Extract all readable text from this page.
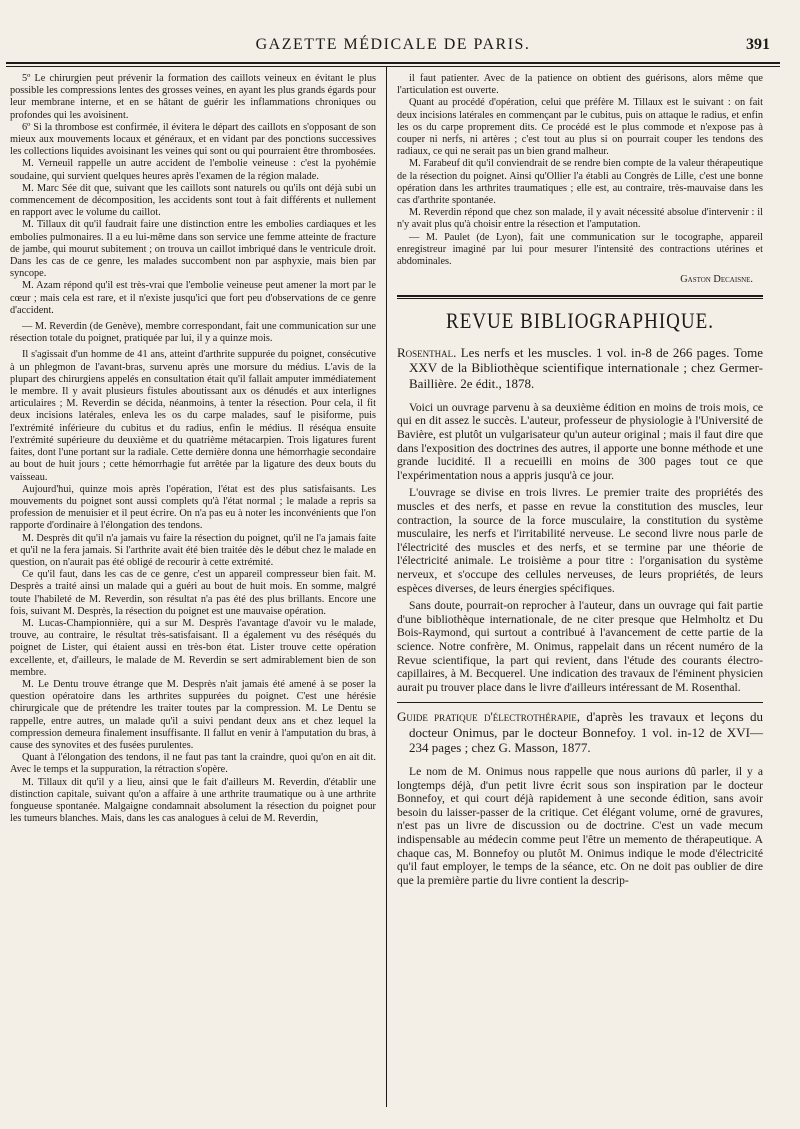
GAZETTE MÉDICALE DE PARIS.	391

5º Le chirurgien peut prévenir la formation des caillots veineux en évitant le plus possible les compressions lentes des grosses veines, en ayant les plus grands égards pour leur membrane interne, et en se hâtant de guérir les inflammations chroniques ou profondes qui les avoisinent.

6º Si la thrombose est confirmée, il évitera le départ des caillots en s'opposant de son mieux aux mouvements locaux et généraux, et en vidant par des ponctions successives les collections liquides avoisinant les veines qui sont ou qui pourraient être thrombosées.

M. Verneuil rappelle un autre accident de l'embolie veineuse : c'est la pyohémie soudaine, qui survient quelques heures après l'examen de la région malade.

M. Marc Sée dit que, suivant que les caillots sont naturels ou qu'ils ont déjà subi un commencement de décomposition, les accidents sont tout à fait différents et nullement en rapport avec le volume du caillot.

M. Tillaux dit qu'il faudrait faire une distinction entre les embolies cardiaques et les embolies pulmonaires. Il a eu lui-même dans son service une femme atteinte de fracture de jambe, qui mourut subitement ; on trouva un caillot imbriqué dans le ventricule droit. Dans les cas de ce genre, les malades succombent non par asphyxie, mais bien par syncope.

M. Azam répond qu'il est très-vrai que l'embolie veineuse peut amener la mort par le cœur ; mais cela est rare, et il n'existe jusqu'ici que fort peu d'observations de ce genre d'accident.

— M. Reverdin (de Genève), membre correspondant, fait une communication sur une résection totale du poignet, pratiquée par lui, il y a quinze mois.

Il s'agissait d'un homme de 41 ans, atteint d'arthrite suppurée du poignet, consécutive à un phlegmon de l'avant-bras, survenu après une morsure du médius. L'avis de la plupart des chirurgiens appelés en consultation était qu'il fallait amputer immédiatement le membre. Il y avait plusieurs fistules aboutissant aux os dénudés et aux interlignes articulaires ; M. Reverdin se décida, néanmoins, à tenter la résection. Pour cela, il fit deux incisions latérales, enleva les os du carpe malades, sauf le pisiforme, puis l'extrémité inférieure du cubitus et du radius, enfin le médius. Il réséqua ensuite l'extrémité supérieure du deuxième et du quatrième métacarpien. Trois ligatures furent faites, dont l'une portant sur la radiale. Cette dernière donna une hémorrhagie secondaire au bout de huit jours ; cette hémorrhagie fut arrêtée par la ligature des deux bouts du vaisseau.

Aujourd'hui, quinze mois après l'opération, l'état est des plus satisfaisants. Les mouvements du poignet sont aussi complets qu'à l'état normal ; le malade a repris sa profession de menuisier et il peut écrire. On n'a pas eu à noter les inconvénients que l'on rapporte d'ordinaire à l'élongation des tendons.

M. Desprès dit qu'il n'a jamais vu faire la résection du poignet, qu'il ne l'a jamais faite et qu'il ne la fera jamais. Si l'arthrite avait été bien traitée dès le début chez le malade en question, on n'aurait pas été obligé de recourir à cette extrémité.

Ce qu'il faut, dans les cas de ce genre, c'est un appareil compresseur bien fait. M. Desprès a traité ainsi un malade qui a guéri au bout de huit mois. En somme, malgré toute l'habileté de M. Reverdin, son résultat n'a pas été des plus brillants. Encore une fois, suivant M. Desprès, la résection du poignet est une mauvaise opération.

M. Lucas-Championnière, qui a sur M. Desprès l'avantage d'avoir vu le malade, trouve, au contraire, le résultat très-satisfaisant. Il a également vu des réséqués du poignet de Lister, qui étaient aussi en très-bon état. Lister trouve cette opération excellente, et, d'ailleurs, le malade de M. Reverdin se sert admirablement bien de son membre.

M. Le Dentu trouve étrange que M. Desprès n'ait jamais été amené à se poser la question opératoire dans les arthrites suppurées du poignet. C'est une hérésie chirurgicale que de prétendre les traiter toutes par la compression. M. Le Dentu se rappelle, entre autres, un malade qu'il a suivi pendant deux ans et chez lequel la compression demeura finalement insuffisante. Il fallut en venir à l'amputation du bras, à cause des synovites et des fusées purulentes.

Quant à l'élongation des tendons, il ne faut pas tant la craindre, quoi qu'on en ait dit. Avec le temps et la suppuration, la rétraction s'opère.

M. Tillaux dit qu'il y a lieu, ainsi que le fait d'ailleurs M. Reverdin, d'établir une distinction capitale, suivant qu'on a affaire à une arthrite traumatique ou à une arthrite fongueuse spontanée. Malgaigne condamnait absolument la résection du poignet pour les tumeurs blanches. Mais, dans les cas analogues à celui de M. Reverdin,

il faut patienter. Avec de la patience on obtient des guérisons, alors même que l'articulation est ouverte.

Quant au procédé d'opération, celui que préfère M. Tillaux est le suivant : on fait deux incisions latérales en commençant par le cubitus, puis on attaque le radius, et enfin les os du carpe proprement dits. Ce procédé est le plus commode et n'expose pas à couper ni nerfs, ni artères ; c'est tout au plus si on pourrait couper les tendons des radiaux, ce qui ne serait pas un bien grand malheur.

M. Farabeuf dit qu'il conviendrait de se rendre bien compte de la valeur thérapeutique de la résection du poignet. Ainsi qu'Ollier l'a établi au Congrès de Lille, c'est une bonne opération dans les arthrites traumatiques ; elle est, au contraire, très-mauvaise dans les cas d'arthrite spontanée.

M. Reverdin répond que chez son malade, il y avait nécessité absolue d'intervenir : il n'y avait plus qu'à choisir entre la résection et l'amputation.

— M. Paulet (de Lyon), fait une communication sur le tocographe, appareil enregistreur imaginé par lui pour mesurer l'intensité des contractions utérines et abdominales.

Gaston Decaisne.
REVUE BIBLIOGRAPHIQUE.
Rosenthal. Les nerfs et les muscles. 1 vol. in-8 de 266 pages. Tome XXV de la Bibliothèque scientifique internationale ; chez Germer-Baillière. 2e édit., 1878.

Voici un ouvrage parvenu à sa deuxième édition en moins de trois mois, ce qui en dit assez le succès. L'auteur, professeur de physiologie à l'Université de Bavière, est plutôt un vulgarisateur qu'un auteur original ; mais il faut dire que dans l'exposition des doctrines des autres, il apporte une bonne méthode et une grande lucidité. Il a recueilli en moins de 300 pages tout ce que l'expérimentation nous a appris jusqu'à ce jour.

L'ouvrage se divise en trois livres. Le premier traite des propriétés des muscles et des nerfs, et passe en revue la constitution des muscles, leur contraction, la source de la force musculaire, la constitution du système musculaire, les nerfs et l'irritabilité nerveuse. Le second livre nous parle de l'électricité des muscles et des nerfs, et se termine par une théorie de l'électricité animale. Le troisième a pour titre : l'organisation du système nerveux, et s'occupe des cellules nerveuses, de leurs propriétés, de leurs espèces diverses, de leurs énergies spécifiques.

Sans doute, pourrait-on reprocher à l'auteur, dans un ouvrage qui fait partie d'une bibliothèque internationale, de ne citer presque que Helmholtz et Du Bois-Raymond, qui surtout a contribué à l'avancement de cette partie de la science. Notre confrère, M. Onimus, rappelait dans un récent numéro de la Revue scientifique, la part qui revient, dans l'étude des courants électro-capillaires, à M. Becquerel. Une indication des travaux de l'éminent physicien aurait pu trouver place dans le livre d'ailleurs intéressant de M. Rosenthal.

Guide pratique d'électrothérapie, d'après les travaux et leçons du docteur Onimus, par le docteur Bonnefoy. 1 vol. in-12 de XVI—234 pages ; chez G. Masson, 1877.

Le nom de M. Onimus nous rappelle que nous aurions dû parler, il y a longtemps déjà, d'un petit livre écrit sous son inspiration par le docteur Bonnefoy, et qui court déjà rapidement à une seconde édition, sans avoir besoin du laisser-passer de la critique. Cet élégant volume, orné de gravures, n'est pas un livre de discussion ou de doctrine. C'est un vade mecum indispensable au médecin comme peut l'être un memento de thérapeutique. A chaque cas, M. Bonnefoy ou plutôt M. Onimus indique le mode d'électricité qu'il faut employer, le temps de la séance, etc. On ne doit pas oublier de dire que la première partie du livre contient la descrip-
